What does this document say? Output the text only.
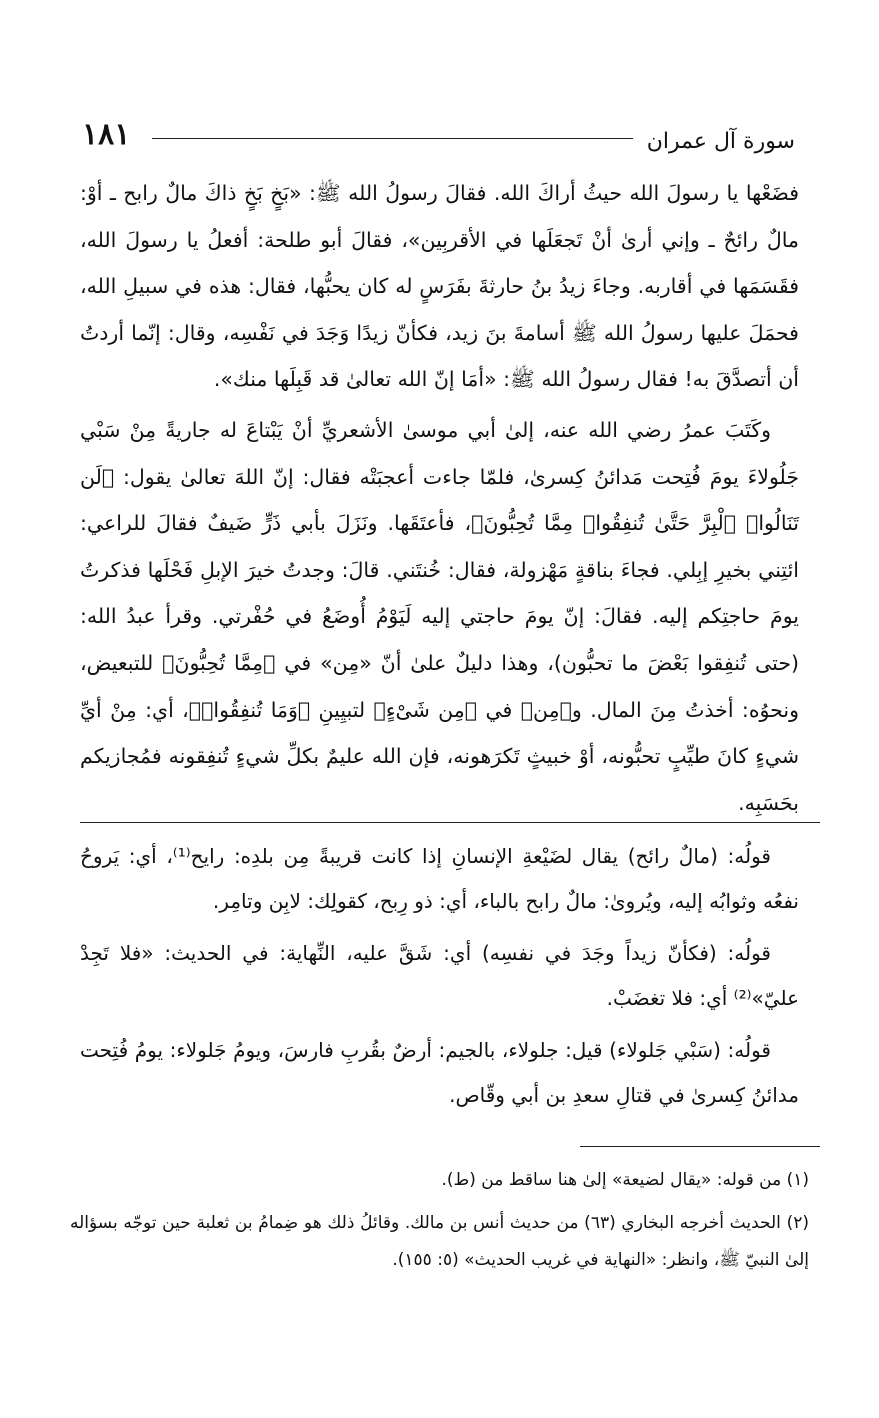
١٨١	سورة آل عمران

فضَعْها يا رسولَ الله حيثُ أراكَ الله. فقالَ رسولُ الله ﷺ: «بَخٍ بَخٍ ذاكَ مالٌ رابح ـ أوْ: مالٌ رائحٌ ـ وإني أرىٰ أنْ تَجعَلَها في الأقربِين»، فقالَ أبو طلحة: أفعلُ يا رسولَ الله، فقَسَمَها في أقاربه. وجاءَ زيدُ بنُ حارثةَ بفَرَسٍ له كان يحبُّها، فقال: هذه في سبيلِ الله، فحمَلَ عليها رسولُ الله ﷺ أسامةَ بنَ زيد، فكأنّ زيدًا وَجَدَ في نَفْسِه، وقال: إنّما أردتُ أن أتصدَّقَ به! فقال رسولُ الله ﷺ: «أمَا إنّ الله تعالىٰ قد قَبِلَها منك».

وكَتَبَ عمرُ رضي الله عنه، إلىٰ أبي موسىٰ الأشعريِّ أنْ يَبْتاعَ له جاريةً مِنْ سَبْي جَلُولاءَ يومَ فُتِحت مَدائنُ كِسرىٰ، فلمّا جاءت أعجبَتْه فقال: إنّ اللهَ تعالىٰ يقول: ﴿لَن تَنَالُوا۟ ٱلْبِرَّ حَتَّىٰ تُنفِقُوا۟ مِمَّا تُحِبُّونَ﴾، فأعتَقَها. ونَزَلَ بأبي ذَرٍّ ضَيفٌ فقالَ للراعي: ائتِني بخيرِ إبِلي. فجاءَ بناقةٍ مَهْزولة، فقال: خُنتَني. قالَ: وجدتُ خيرَ الإبلِ فَحْلَها فذكرتُ يومَ حاجتِكم إليه. فقالَ: إنّ يومَ حاجتي إليه لَيَوْمُ أُوضَعُ في حُفْرتي. وقرأ عبدُ الله: (حتى تُنفِقوا بَعْضَ ما تحبُّون)، وهذا دليلٌ علىٰ أنّ «مِن» في ﴿مِمَّا تُحِبُّونَ﴾ للتبعيض، ونحوُه: أخذتُ مِنَ المال. و﴿مِن﴾ في ﴿مِن شَىْءٍ﴾ لتبيِينِ ﴿وَمَا تُنفِقُوا۟﴾، أي: مِنْ أيِّ شيءٍ كانَ طيِّبٍ تحبُّونه، أوْ خبيثٍ تَكرَهونه، فإن الله عليمٌ بكلِّ شيءٍ تُنفِقونه فمُجازيكم بحَسَبِه.

قولُه: (مالٌ رائح) يقال لضَيْعةِ الإنسانِ إذا كانت قريبةً مِن بلدِه: رايح⁽¹⁾، أي: يَروحُ نفعُه وثوابُه إليه، ويُروىٰ: مالٌ رابح بالباء، أي: ذو رِبح، كقولِك: لابِن وتامِر.

قولُه: (فكأنّ زيداً وجَدَ في نفسِه) أي: شَقَّ عليه، النِّهاية: في الحديث: «فلا تَجِدْ عليّ»⁽²⁾ أي: فلا تغضَبْ.

قولُه: (سَبْي جَلولاء) قيل: جلولاء، بالجيم: أرضٌ بقُربِ فارسَ، ويومُ جَلولاء: يومُ فُتِحت مدائنُ كِسرىٰ في قتالِ سعدِ بن أبي وقّاص.

(١) من قوله: «يقال لضيعة» إلىٰ هنا ساقط من (ط).

(٢) الحديث أخرجه البخاري (٦٣) من حديث أنس بن مالك. وقائلُ ذلك هو ضِمامُ بن ثعلبة حين توجّه بسؤاله إلىٰ النبيّ ﷺ، وانظر: «النهاية في غريب الحديث» (٥: ١٥٥).
